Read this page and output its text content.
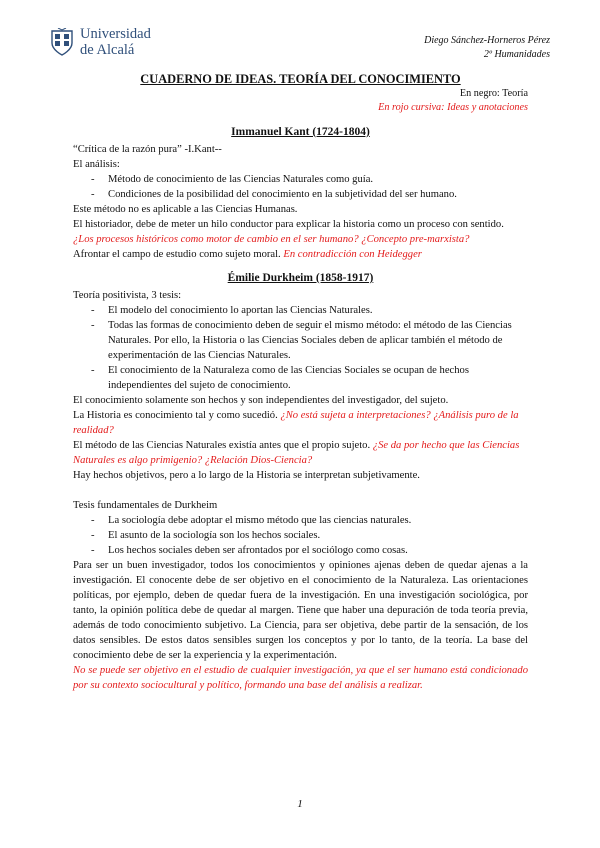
Universidad
de Alcalá
Diego Sánchez-Horneros Pérez
2º Humanidades
CUADERNO DE IDEAS. TEORÍA DEL CONOCIMIENTO
En negro: Teoría
En rojo cursiva: Ideas y anotaciones
Immanuel Kant (1724-1804)

“Crítica de la razón pura” -I.Kant--

El análisis:

- Método de conocimiento de las Ciencias Naturales como guía.
- Condiciones de la posibilidad del conocimiento en la subjetividad del ser humano.

Este método no es aplicable a las Ciencias Humanas.

El historiador, debe de meter un hilo conductor para explicar la historia como un proceso con sentido.

¿Los procesos históricos como motor de cambio en el ser humano? ¿Concepto pre-marxista?

Afrontar el campo de estudio como sujeto moral. En contradicción con Heidegger

Émilie Durkheim (1858-1917)

Teoría positivista, 3 tesis:

- El modelo del conocimiento lo aportan las Ciencias Naturales.
- Todas las formas de conocimiento deben de seguir el mismo método: el método de las Ciencias Naturales. Por ello, la Historia o las Ciencias Sociales deben de aplicar también el método de experimentación de las Ciencias Naturales.
- El conocimiento de la Naturaleza como de las Ciencias Sociales se ocupan de hechos independientes del sujeto de conocimiento.

El conocimiento solamente son hechos y son independientes del investigador, del sujeto.

La Historia es conocimiento tal y como sucedió. ¿No está sujeta a interpretaciones? ¿Análisis puro de la realidad?

El método de las Ciencias Naturales existía antes que el propio sujeto. ¿Se da por hecho que las Ciencias Naturales es algo primigenio? ¿Relación Dios-Ciencia?

Hay hechos objetivos, pero a lo largo de la Historia se interpretan subjetivamente.

Tesis fundamentales de Durkheim

- La sociología debe adoptar el mismo método que las ciencias naturales.
- El asunto de la sociología son los hechos sociales.
- Los hechos sociales deben ser afrontados por el sociólogo como cosas.

Para ser un buen investigador, todos los conocimientos y opiniones ajenas deben de quedar ajenas a la investigación. El conocente debe de ser objetivo en el conocimiento de la Naturaleza. Las orientaciones políticas, por ejemplo, deben de quedar fuera de la investigación. En una investigación sociológica, por tanto, la opinión política debe de quedar al margen. Tiene que haber una depuración de toda teoría previa, además de todo conocimiento subjetivo. La Ciencia, para ser objetiva, debe partir de la sensación, de los datos sensibles. De estos datos sensibles surgen los conceptos y por lo tanto, de la teoría. La base del conocimiento debe de ser la experiencia y la experimentación.

No se puede ser objetivo en el estudio de cualquier investigación, ya que el ser humano está condicionado por su contexto sociocultural y político, formando una base del análisis a realizar.

1
